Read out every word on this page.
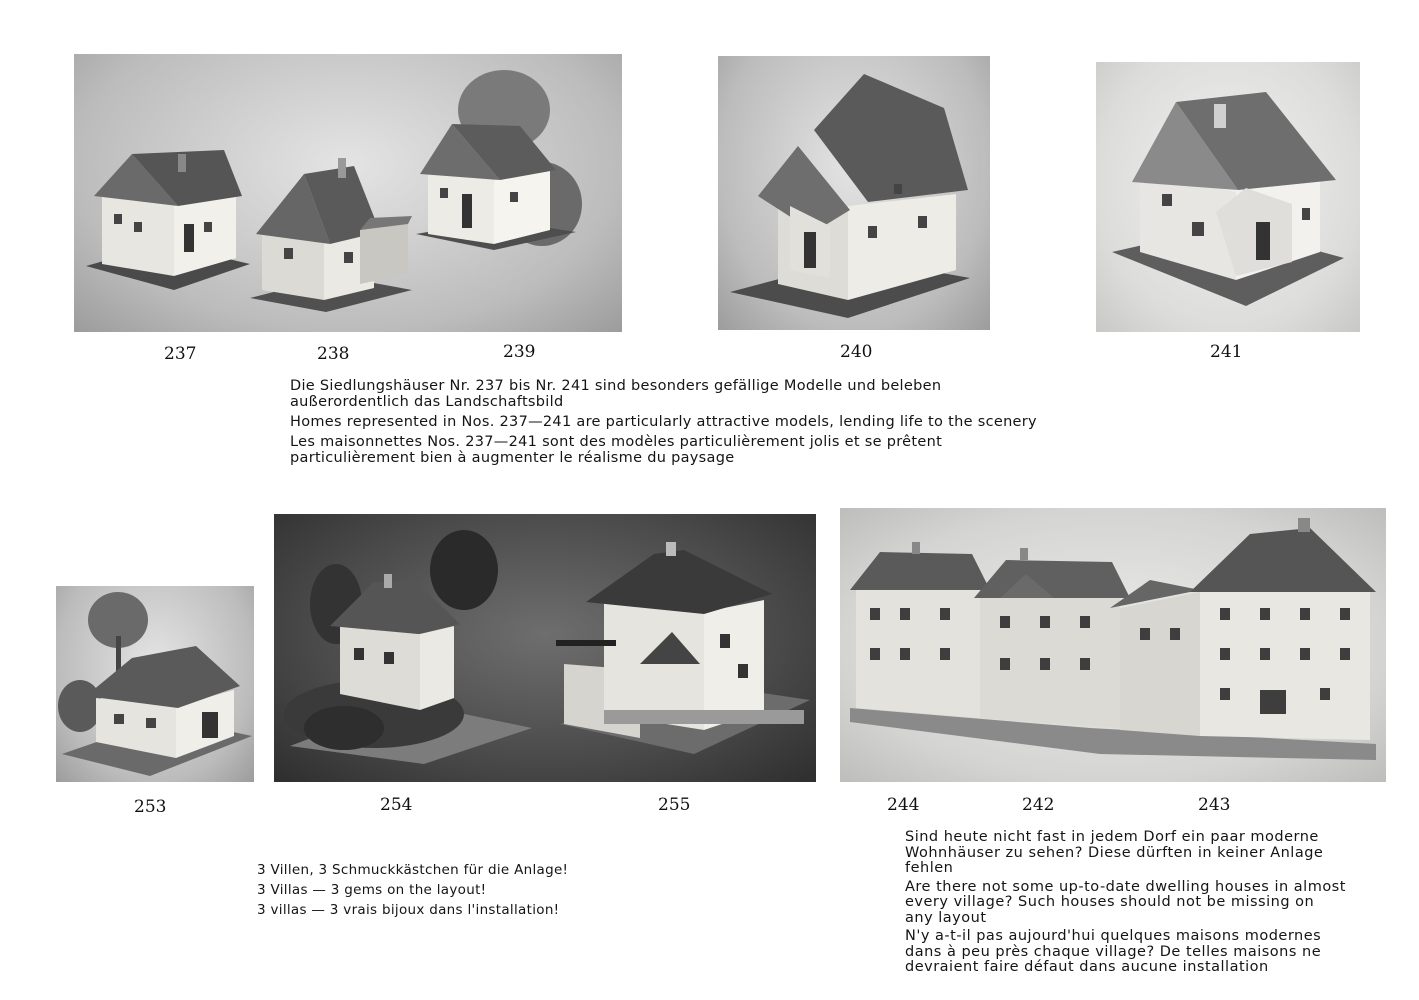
237	238	239	240	241

Die Siedlungshäuser Nr. 237 bis Nr. 241 sind besonders gefällige Modelle und beleben
außerordentlich das Landschaftsbild

Homes represented in Nos. 237—241 are particularly attractive models, lending life to the scenery

Les maisonnettes Nos. 237—241 sont des modèles particulièrement jolis et se prêtent
particulièrement bien à augmenter le réalisme du paysage

253	254	255	244	242	243

3 Villen, 3 Schmuckkästchen für die Anlage!

3 Villas — 3 gems on the layout!

3 villas — 3 vrais bijoux dans l'installation!

Sind heute nicht fast in jedem Dorf ein paar moderne
Wohnhäuser zu sehen? Diese dürften in keiner Anlage
fehlen

Are there not some up-to-date dwelling houses in almost
every village? Such houses should not be missing on
any layout

N'y a-t-il pas aujourd'hui quelques maisons modernes
dans à peu près chaque village? De telles maisons ne
devraient faire défaut dans aucune installation
